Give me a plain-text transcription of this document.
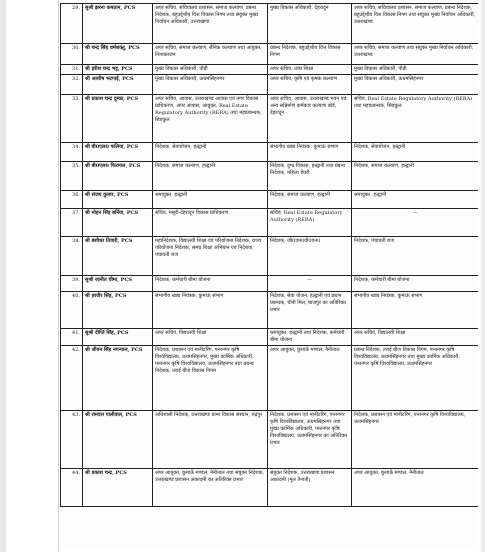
29.	सुश्री झरना कमठान, PCS	अपर सचिव, सचिवालय प्रशासन, समाज कल्याण, प्रबन्ध निदेशक, बहुउद्देशीय वित्त विकास निगम तथा संयुक्त मुख्य निर्वाचन अधिकारी, उत्तराखण्ड	मुख्य विकास अधिकारी, देहरादून	अपर सचिव, सचिवालय प्रशासन, समाज कल्याण, प्रबन्ध निदेशक, बहुउद्देशीय वित्त विकास निगम तथा संयुक्त मुख्य निर्वाचन अधिकारी, उत्तराखण्ड
30.	श्री चन्द्र सिंह धर्मशक्तु, PCS	अपर सचिव, समाज कल्याण, सैनिक कल्याण तथा आयुक्त, निःशक्तजन	प्रबन्ध निदेशक, बहुउद्देशीय वित्त विकास निगम	अपर सचिव, समाज कल्याण तथा संयुक्त मुख्य निर्वाचन अधिकारी, उत्तराखण्ड
31.	श्री हरीश चन्द्र भट्ट, PCS	मुख्य विकास अधिकारी, पौड़ी	अपर सचिव, उच्च शिक्षा	मुख्य विकास अधिकारी, पौड़ी
32.	श्री आशीष भटगाईं, PCS	मुख्य विकास अधिकारी, ऊधमसिंहनगर	अपर सचिव, कृषि एवं कृषक कल्याण	मुख्य विकास अधिकारी, ऊधमसिंहनगर
33.	श्री प्रकाश चन्द्र दुम्का, PCS	अपर सचिव, आवास, उत्तराखण्ड आवास एवं नगर विकास प्राधिकरण, अपर आवास, आयुक्त, Real Estate Regulatory Authority (RERA) तथा महाप्रबन्धक, सिडकुल	अपर सचिव, आवास, उत्तराखण्ड भवन एवं अन्य सन्निर्माण कर्मकार कल्याण बोर्ड, देहरादून	सचिव, Real Estate Regulatory Authority (RERA) तथा महाप्रबन्धक, सिडकुल
34.	श्री बी0एल0 फलिया, PCS	निदेशक, सेवायोजन, हल्द्वानी	संभागीय खाद्य नियंत्रक, कुमाऊं संभाग	निदेशक, सेवायोजन, हल्द्वानी
35.	श्री बी0एल0 फिरमाल, PCS	निदेशक, समाज कल्याण, हल्द्वानी	निदेशक, दुग्ध विकास, हल्द्वानी तथा प्रबन्ध निदेशक, महिला डेयरी	निदेशक, समाज कल्याण, हल्द्वानी
36.	श्री संजय कुमार, PCS	श्रमायुक्त, हल्द्वानी	निदेशक, समाज कल्याण, हल्द्वानी	श्रमायुक्त, हल्द्वानी
37.	श्री मोहन सिंह बर्निया, PCS	सचिव, मसूरी-देहरादून विकास प्राधिकरण	सचिव, Real Estate Regulatory Authority (RERA)	—
38.	श्री बंशीधर तिवारी, PCS	महानिदेशक, विद्यालयी शिक्षा एवं परियोजना निदेशक, राज्य परियोजना निदेशक, समग्र शिक्षा अभियान एवं निदेशक, पंचायती राज	निदेशक, जी0एम0वी0एन0	निदेशक, पंचायती राज
39.	सुश्री रवनीत चीमा, PCS	निदेशक, कर्मचारी बीमा योजना	—	निदेशक, कर्मचारी बीमा योजना
40.	श्री हरवीर सिंह, PCS	संभागीय खाद्य नियंत्रक, कुमाऊं संभाग	निदेशक, सेवा योजन, हल्द्वानी एवं प्रधान प्रबन्धक, चीनी मिल, बाजपुर का अतिरिक्त प्रभार	संभागीय खाद्य नियंत्रक, कुमाऊं संभाग
41.	सुश्री दीप्ति सिंह, PCS	अपर सचिव, विद्यालयी शिक्षा	श्रमायुक्त, हल्द्वानी तथा निदेशक, कर्मचारी बीमा योजना	अपर सचिव, विद्यालयी शिक्षा
42.	श्री जीवन सिंह नगन्याल, PCS	निदेशक, प्रशासन एवं मानीटरिंग, पन्तनगर कृषि विश्वविद्यालय, ऊधमसिंहनगर, मुख्य कार्मिक अधिकारी, पन्तनगर कृषि विश्वविद्यालय, ऊधमसिंहनगर तथा प्रबन्ध निदेशक, तराई बीज विकास निगम	अपर आयुक्त, कुमाऊँ मण्डल, नैनीताल	प्रबन्ध निदेशक, तराई बीज विकास निगम, पन्तनगर कृषि विश्वविद्यालय, ऊधमसिंहनगर तथा मुख्य कार्मिक अधिकारी, पन्तनगर कृषि विश्वविद्यालय, ऊधमसिंहनगर
43.	श्री रामदत्त पालीवाल, PCS	अधिशासी निदेशक, उत्तराखण्ड ग्राम्य विकास संस्थान, रुद्रपुर	निदेशक, प्रशासन एवं मानीटरिंग, पन्तनगर कृषि विश्वविद्यालय, ऊधमसिंहनगर तथा मुख्य कार्मिक अधिकारी, पन्तनगर कृषि विश्वविद्यालय, ऊधमसिंहनगर का अतिरिक्त प्रभार	निदेशक, प्रशासन एवं मानीटरिंग, पन्तनगर कृषि विश्वविद्यालय, ऊधमसिंहनगर
44.	श्री प्रकाश चन्द्र, PCS	अपर आयुक्त, कुमाऊँ मण्डल, नैनीताल तथा संयुक्त निदेशक, उत्तराखण्ड प्रशासन अकादमी का अतिरिक्त प्रभार	संयुक्त निदेशक, उत्तराखण्ड प्रशासन अकादमी (मूल तैनाती)	अपर आयुक्त, कुमाऊँ मण्डल, नैनीताल
